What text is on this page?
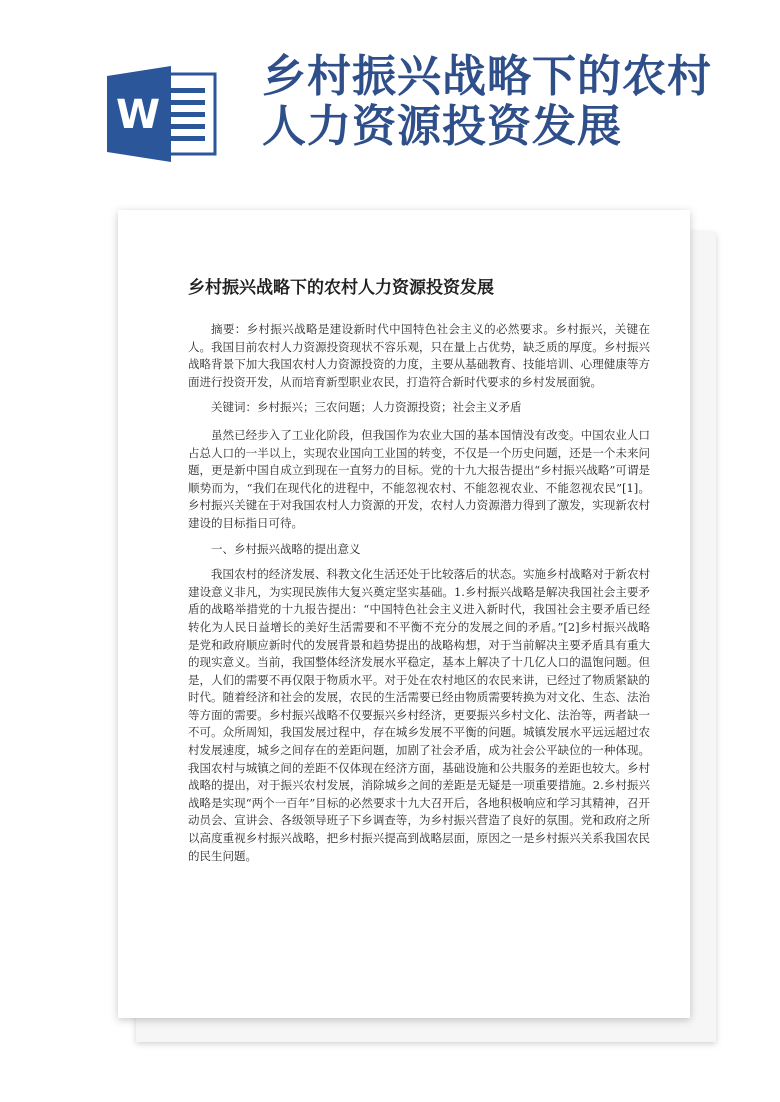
W
乡村振兴战略下的农村
人力资源投资发展
乡村振兴战略下的农村人力资源投资发展

摘要：乡村振兴战略是建设新时代中国特色社会主义的必然要求。乡村振兴，关键在人。我国目前农村人力资源投资现状不容乐观，只在量上占优势，缺乏质的厚度。乡村振兴战略背景下加大我国农村人力资源投资的力度，主要从基础教育、技能培训、心理健康等方面进行投资开发，从而培育新型职业农民，打造符合新时代要求的乡村发展面貌。

关键词：乡村振兴；三农问题；人力资源投资；社会主义矛盾

虽然已经步入了工业化阶段，但我国作为农业大国的基本国情没有改变。中国农业人口占总人口的一半以上，实现农业国向工业国的转变，不仅是一个历史问题，还是一个未来问题，更是新中国自成立到现在一直努力的目标。党的十九大报告提出“乡村振兴战略”可谓是顺势而为，“我们在现代化的进程中，不能忽视农村、不能忽视农业、不能忽视农民”[1]。乡村振兴关键在于对我国农村人力资源的开发，农村人力资源潜力得到了激发，实现新农村建设的目标指日可待。

一、乡村振兴战略的提出意义

我国农村的经济发展、科教文化生活还处于比较落后的状态。实施乡村战略对于新农村建设意义非凡，为实现民族伟大复兴奠定坚实基础。1.乡村振兴战略是解决我国社会主要矛盾的战略举措党的十九报告提出：“中国特色社会主义进入新时代，我国社会主要矛盾已经转化为人民日益增长的美好生活需要和不平衡不充分的发展之间的矛盾。”[2]乡村振兴战略是党和政府顺应新时代的发展背景和趋势提出的战略构想，对于当前解决主要矛盾具有重大的现实意义。当前，我国整体经济发展水平稳定，基本上解决了十几亿人口的温饱问题。但是，人们的需要不再仅限于物质水平。对于处在农村地区的农民来讲，已经过了物质紧缺的时代。随着经济和社会的发展，农民的生活需要已经由物质需要转换为对文化、生态、法治等方面的需要。乡村振兴战略不仅要振兴乡村经济，更要振兴乡村文化、法治等，两者缺一不可。众所周知，我国发展过程中，存在城乡发展不平衡的问题。城镇发展水平远远超过农村发展速度，城乡之间存在的差距问题，加剧了社会矛盾，成为社会公平缺位的一种体现。我国农村与城镇之间的差距不仅体现在经济方面，基础设施和公共服务的差距也较大。乡村战略的提出，对于振兴农村发展，消除城乡之间的差距是无疑是一项重要措施。2.乡村振兴战略是实现“两个一百年”目标的必然要求十九大召开后，各地积极响应和学习其精神，召开动员会、宣讲会、各级领导班子下乡调查等，为乡村振兴营造了良好的氛围。党和政府之所以高度重视乡村振兴战略，把乡村振兴提高到战略层面，原因之一是乡村振兴关系我国农民的民生问题。
